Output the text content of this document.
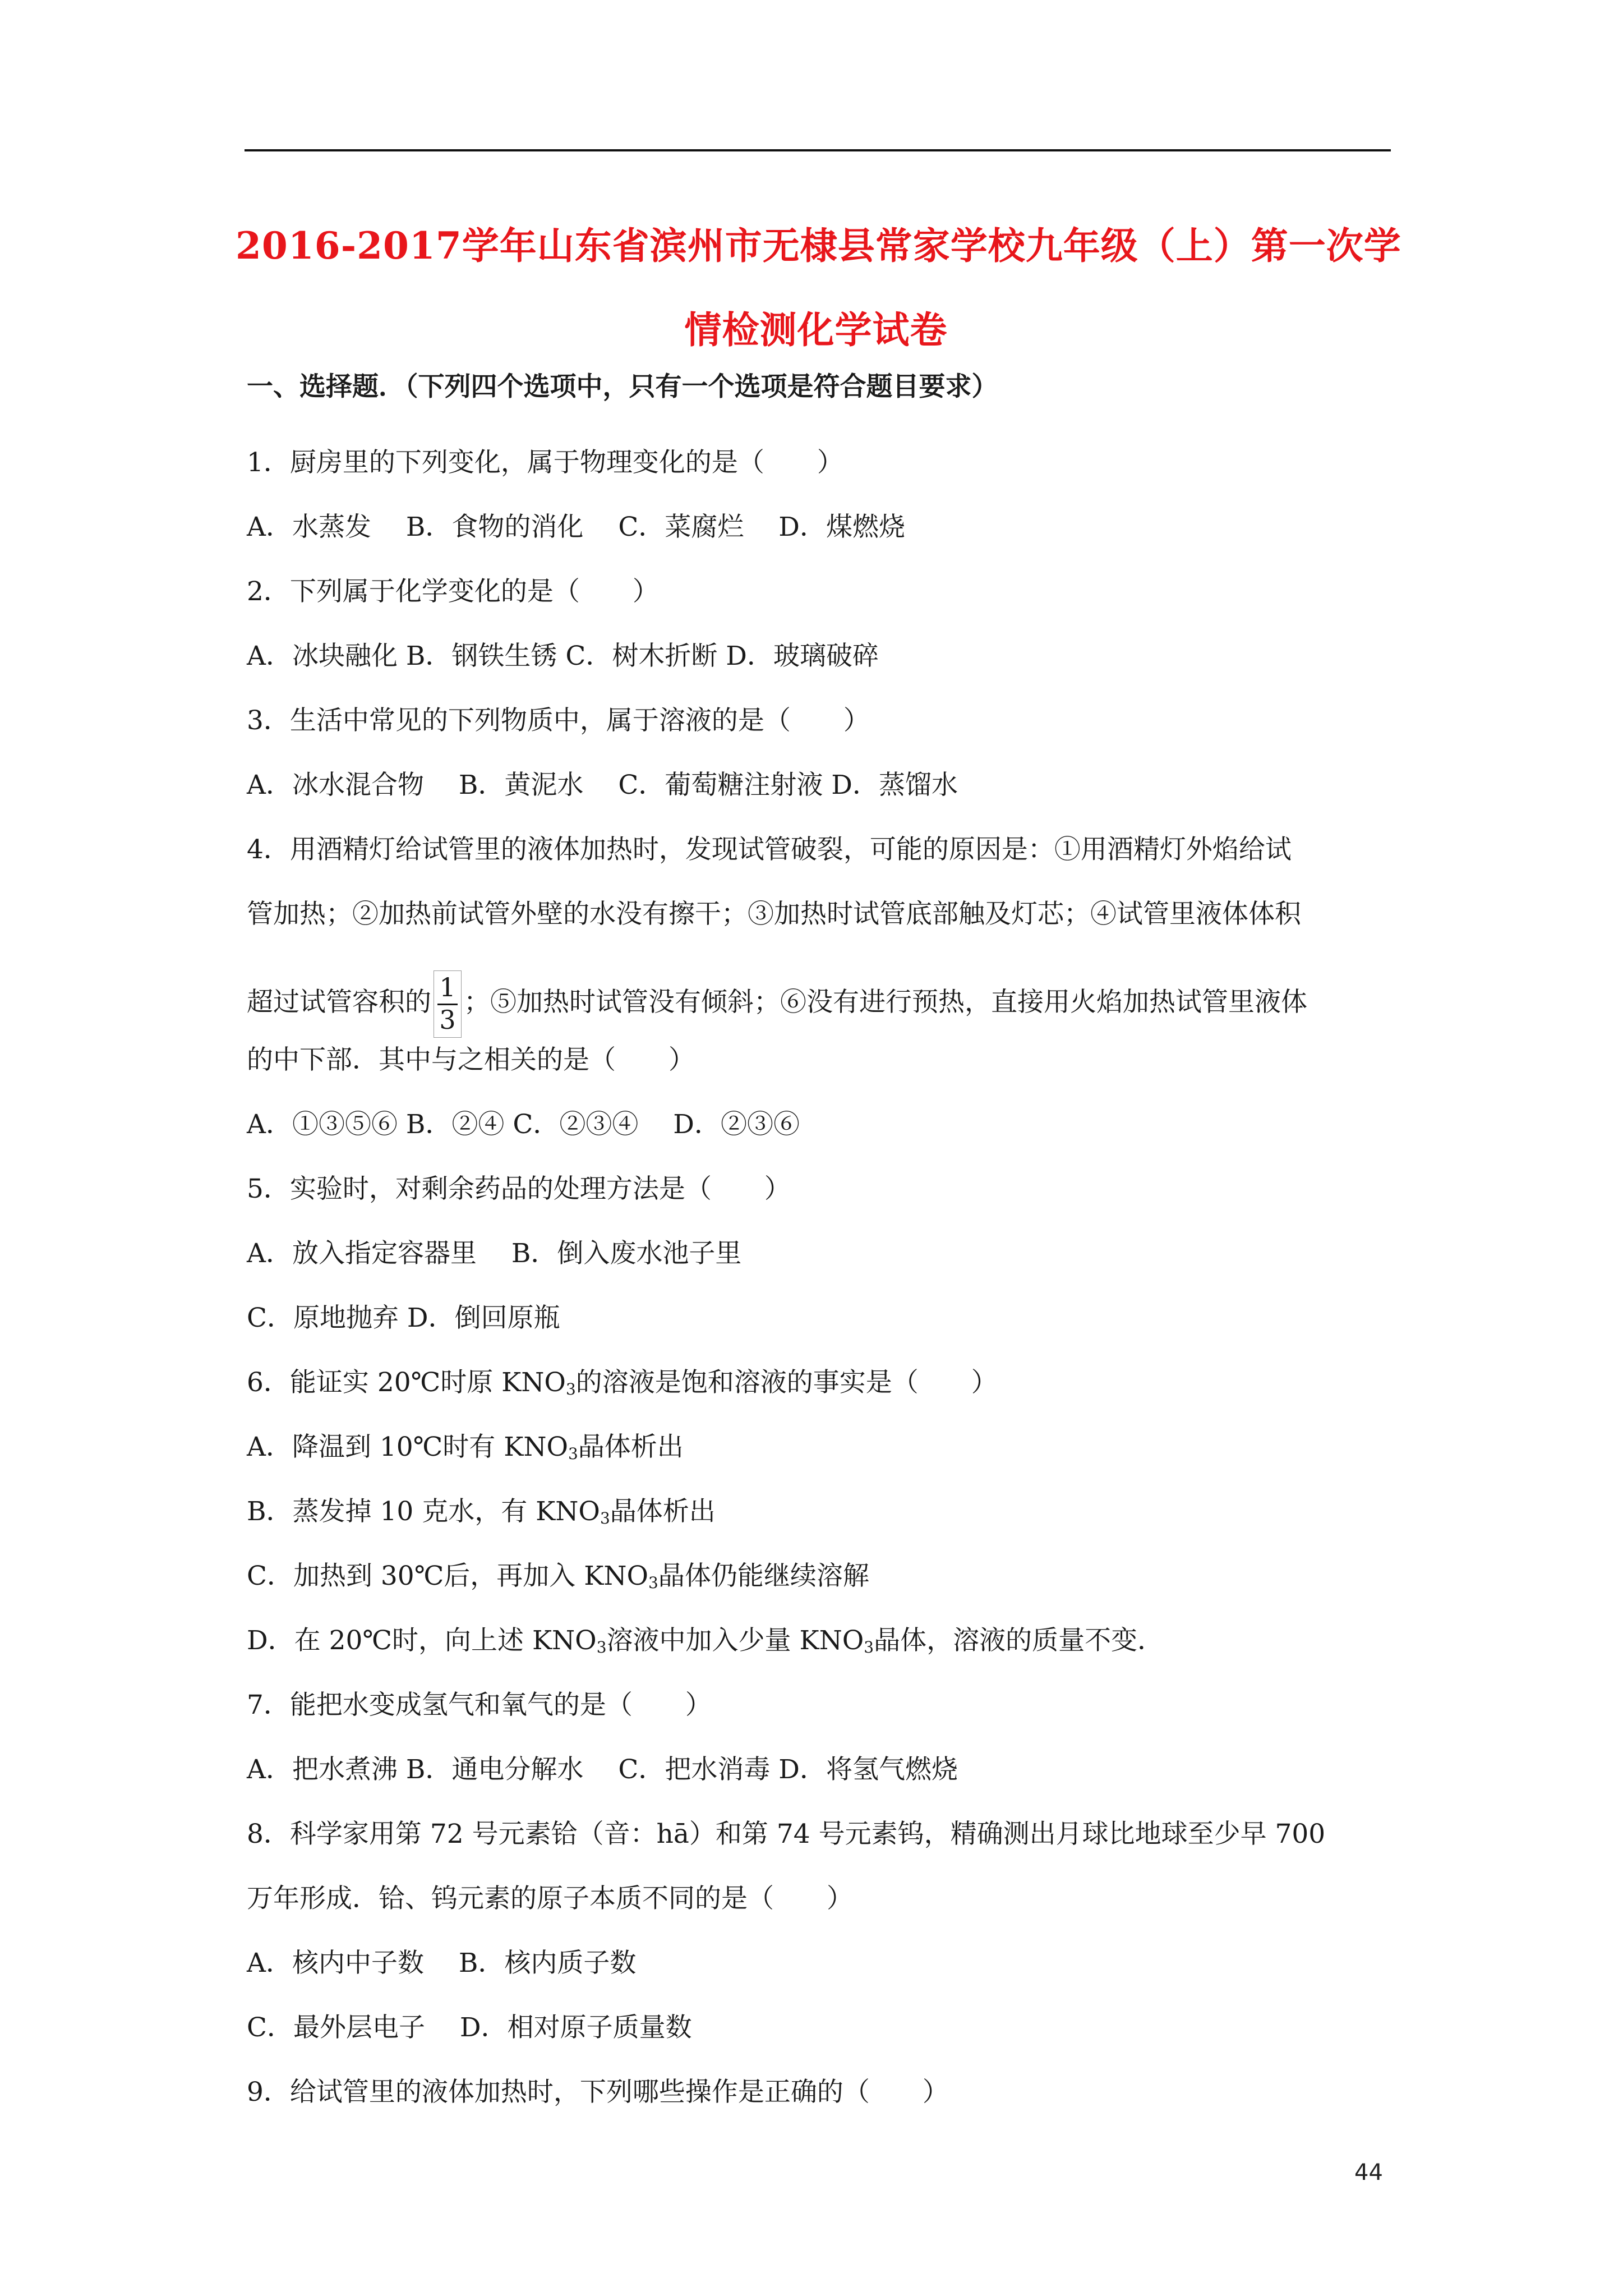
2016-2017学年山东省滨州市无棣县常家学校九年级（上）第一次学
情检测化学试卷
一、选择题．（下列四个选项中，只有一个选项是符合题目要求）
1．厨房里的下列变化，属于物理变化的是（　　）
A．水蒸发　 B．食物的消化　 C．菜腐烂　 D．煤燃烧
2．下列属于化学变化的是（　　）
A．冰块融化 B．钢铁生锈 C．树木折断 D．玻璃破碎
3．生活中常见的下列物质中，属于溶液的是（　　）
A．冰水混合物　 B．黄泥水　 C．葡萄糖注射液 D．蒸馏水
4．用酒精灯给试管里的液体加热时，发现试管破裂，可能的原因是：①用酒精灯外焰给试
管加热；②加热前试管外壁的水没有擦干；③加热时试管底部触及灯芯；④试管里液体体积
超过试管容积的 $\frac{1}{3}$ ；⑤加热时试管没有倾斜；⑥没有进行预热，直接用火焰加热试管里液体
的中下部．其中与之相关的是（　　）
A．①③⑤⑥ B．②④ C．②③④　 D．②③⑥
5．实验时，对剩余药品的处理方法是（　　）
A．放入指定容器里　 B．倒入废水池子里
C．原地抛弃 D．倒回原瓶
6．能证实 20℃时原 $KNO_3$的溶液是饱和溶液的事实是（　　）
A．降温到 10℃时有 $KNO_3$晶体析出
B．蒸发掉 10 克水，有 $KNO_3$晶体析出
C．加热到 30℃后，再加入 $KNO_3$晶体仍能继续溶解
D．在 20℃时，向上述 $KNO_3$溶液中加入少量 $KNO_3$晶体，溶液的质量不变．
7．能把水变成氢气和氧气的是（　　）
A．把水煮沸 B．通电分解水　 C．把水消毒 D．将氢气燃烧
8．科学家用第 72 号元素铪（音：hā）和第 74 号元素钨，精确测出月球比地球至少早 700
万年形成．铪、钨元素的原子本质不同的是（　　）
A．核内中子数　 B．核内质子数
C．最外层电子　 D．相对原子质量数
9．给试管里的液体加热时，下列哪些操作是正确的（　　）
44
